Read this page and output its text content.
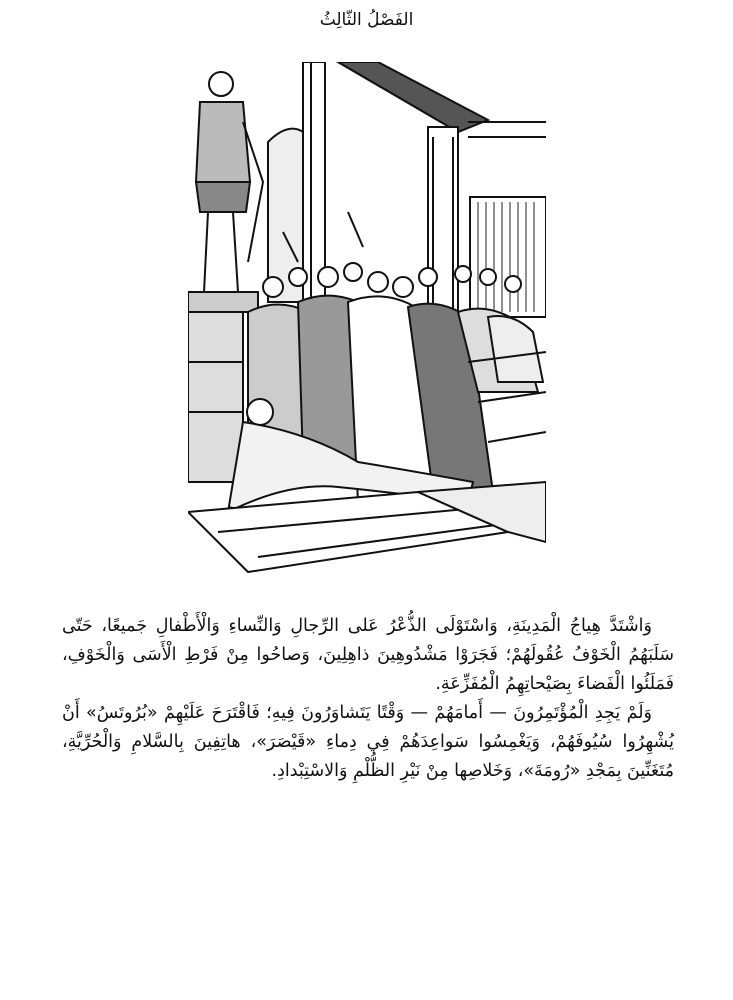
الفَصْلُ الثّالِثُ

وَاشْتَدَّ هِياجُ الْمَدِينَةِ، وَاسْتَوْلَى الذُّعْرُ عَلى الرِّجالِ وَالنِّساءِ وَالْأَطْفالِ جَميعًا، حَتّى سَلَبَهُمُ الْخَوْفُ عُقُولَهُمْ؛ فَجَرَوْا مَشْدُوهِينَ ذاهِلِينَ، وَصاحُوا مِنْ فَرْطِ الْأَسَى وَالْخَوْفِ، فَمَلَئُوا الْفَضاءَ بِصَيْحاتِهِمُ الْمُفَزِّعَةِ.

وَلَمْ يَجِدِ الْمُؤْتَمِرُونَ — أَمامَهُمْ — وَقْتًا يَتَشاوَرُونَ فِيهِ؛ فَاقْتَرَحَ عَلَيْهِمْ «بُرُوتَسُ» أَنْ يُشْهِرُوا سُيُوفَهُمْ، وَيَغْمِسُوا سَواعِدَهُمْ فِي دِماءِ «قَيْصَرَ»، هاتِفِينَ بِالسَّلامِ وَالْحُرِّيَّةِ، مُتَغَنِّينَ بِمَجْدِ «رُومَةَ»، وَخَلاصِها مِنْ نَيْرِ الظُّلْمِ وَالاسْتِبْدادِ.
